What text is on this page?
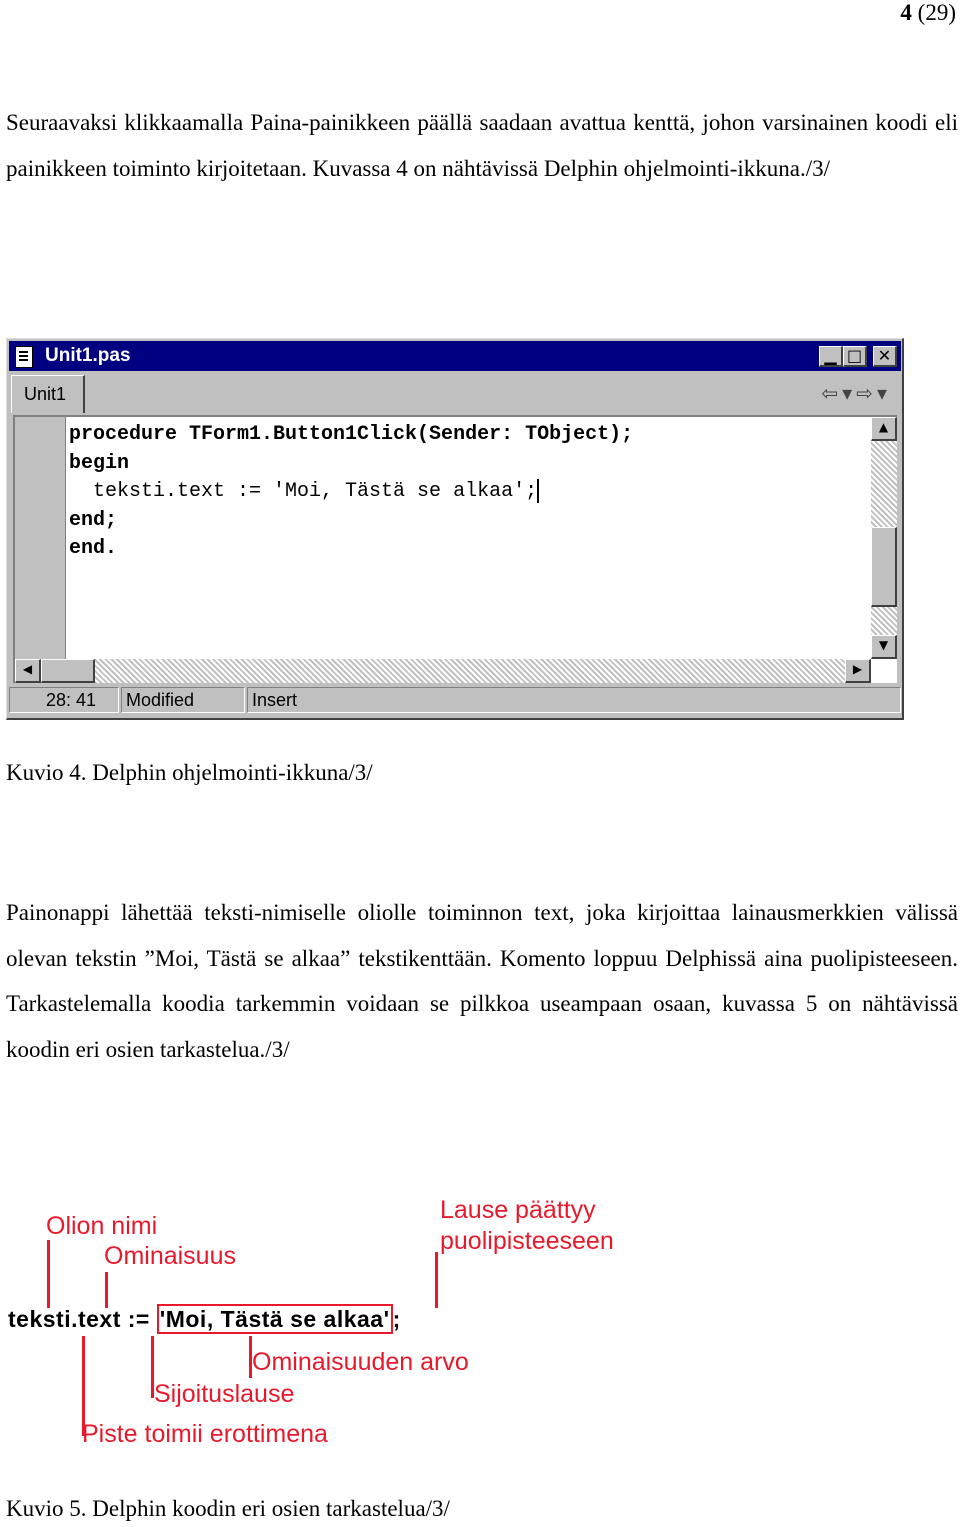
4 (29)
Seuraavaksi klikkaamalla Paina-painikkeen päällä saadaan avattua kenttä, johon varsinainen koodi eli painikkeen toiminto kirjoitetaan. Kuvassa 4 on nähtävissä Delphin ohjelmointi-ikkuna./3/
Unit1.pas	▁ □ ✕
Unit1	⇦▾⇨▾
procedure TForm1.Button1Click(Sender: TObject);
begin
teksti.text := 'Moi, Tästä se alkaa';
end;
end.
▲
▼
◀	▶
28: 41	Modified	Insert
Kuvio 4. Delphin ohjelmointi-ikkuna/3/
Painonappi lähettää teksti-nimiselle oliolle toiminnon text, joka kirjoittaa lainausmerkkien välissä olevan tekstin ”Moi, Tästä se alkaa” tekstikenttään. Komento loppuu Delphissä aina puolipisteeseen. Tarkastelemalla koodia tarkemmin voidaan se pilkkoa useampaan osaan, kuvassa 5 on nähtävissä koodin eri osien tarkastelua./3/
Olion nimi
Ominaisuus
Lause päättyy
puolipisteeseen
teksti.text := 'Moi, Tästä se alkaa' ;
Ominaisuuden arvo
Sijoituslause
Piste toimii erottimena
Kuvio 5. Delphin koodin eri osien tarkastelua/3/
